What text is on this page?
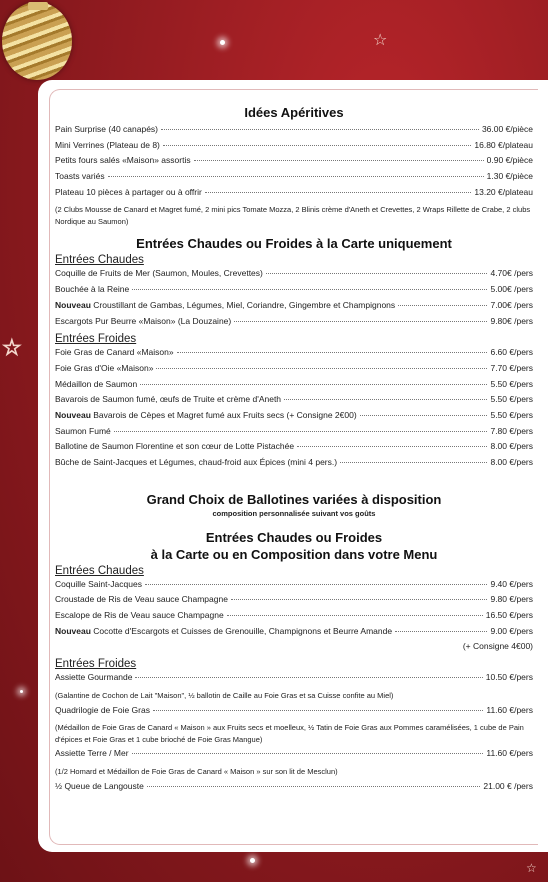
☆
☆
☆
Idées Apéritives
Pain Surprise (40 canapés)	36.00 €/pièce
Mini Verrines (Plateau de 8)	16.80 €/plateau
Petits fours salés «Maison» assortis	0.90 €/pièce
Toasts variés	1.30 €/pièce
Plateau 10 pièces à partager ou à offrir	13.20 €/plateau
(2 Clubs Mousse de Canard et Magret fumé, 2 mini pics Tomate Mozza, 2 Blinis crème d'Aneth et Crevettes, 2 Wraps Rillette de Crabe, 2 clubs Nordique au Saumon)
Entrées Chaudes ou Froides à la Carte uniquement
Entrées Chaudes
Coquille de Fruits de Mer (Saumon, Moules, Crevettes)	4.70€ /pers
Bouchée à la Reine	5.00€ /pers
Nouveau Croustillant de Gambas, Légumes, Miel, Coriandre, Gingembre et Champignons	7.00€ /pers
Escargots Pur Beurre «Maison» (La Douzaine)	9.80€ /pers
Entrées Froides
Foie Gras de Canard «Maison»	6.60 €/pers
Foie Gras d'Oie «Maison»	7.70 €/pers
Médaillon de Saumon	5.50 €/pers
Bavarois de Saumon fumé, œufs de Truite et crème d'Aneth	5.50 €/pers
Nouveau Bavarois de Cèpes et Magret fumé aux Fruits secs (+ Consigne 2€00)	5.50 €/pers
Saumon Fumé	7.80 €/pers
Ballotine de Saumon Florentine et son cœur de Lotte Pistachée	8.00 €/pers
Bûche de Saint-Jacques et Légumes, chaud-froid aux Épices (mini 4 pers.)	8.00 €/pers
Grand Choix de Ballotines variées à disposition
composition personnalisée suivant vos goûts
Entrées Chaudes ou Froides
à la Carte ou en Composition dans votre Menu
Entrées Chaudes
Coquille Saint-Jacques	9.40 €/pers
Croustade de Ris de Veau sauce Champagne	9.80 €/pers
Escalope de Ris de Veau sauce Champagne	16.50 €/pers
Nouveau Cocotte d'Escargots et Cuisses de Grenouille, Champignons et Beurre Amande	9.00 €/pers
(+ Consigne 4€00)
Entrées Froides
Assiette Gourmande	10.50 €/pers
(Galantine de Cochon de Lait "Maison", ½ ballotin de Caille au Foie Gras et sa Cuisse confite au Miel)
Quadrilogie de Foie Gras	11.60 €/pers
(Médaillon de Foie Gras de Canard « Maison » aux Fruits secs et moelleux, ½ Tatin de Foie Gras aux Pommes caramélisées, 1 cube de Pain d'épices et Foie Gras et 1 cube brioché de Foie Gras Mangue)
Assiette Terre / Mer	11.60 €/pers
(1/2 Homard et Médaillon de Foie Gras de Canard « Maison » sur son lit de Mesclun)
½ Queue de Langouste	21.00 € /pers
